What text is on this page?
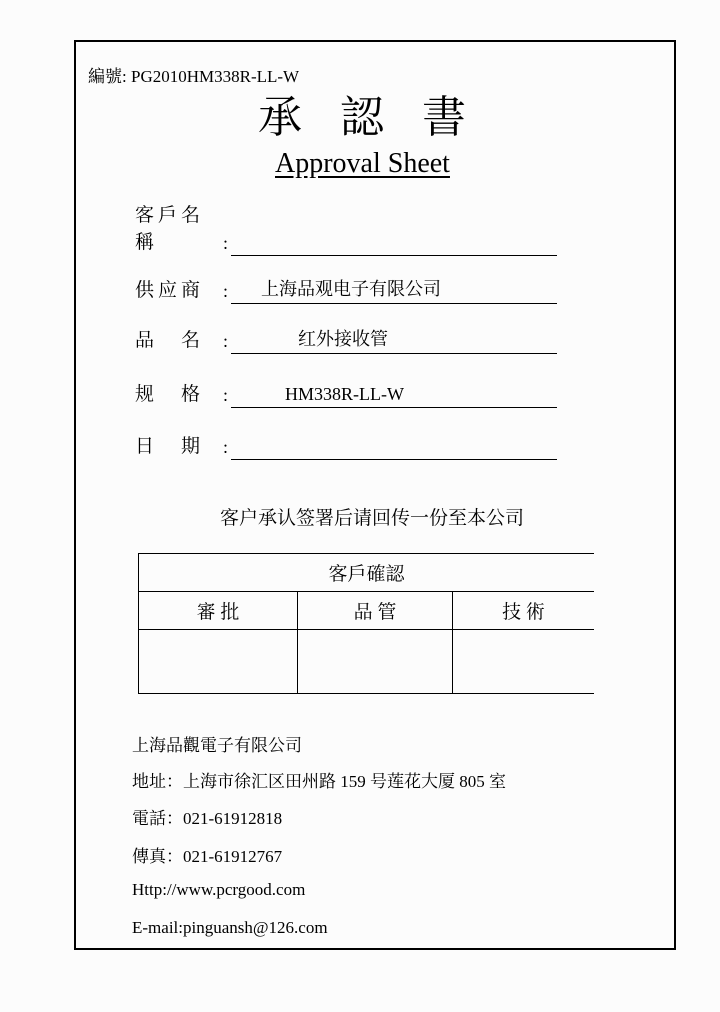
編號: PG2010HM338R-LL-W
承認書
Approval Sheet
客戶名稱	:
供应商	: 上海品观电子有限公司
品　名	:	红外接收管
规　格	:	HM338R-LL-W
日　期	:
客户承认签署后请回传一份至本公司
客戶確認		
審 批	品 管	技 術

上海品觀電子有限公司
地址：上海市徐汇区田州路 159 号莲花大厦 805 室
電話：021-61912818
傳真：021-61912767
Http://www.pcrgood.com
E-mail:pinguansh@126.com
